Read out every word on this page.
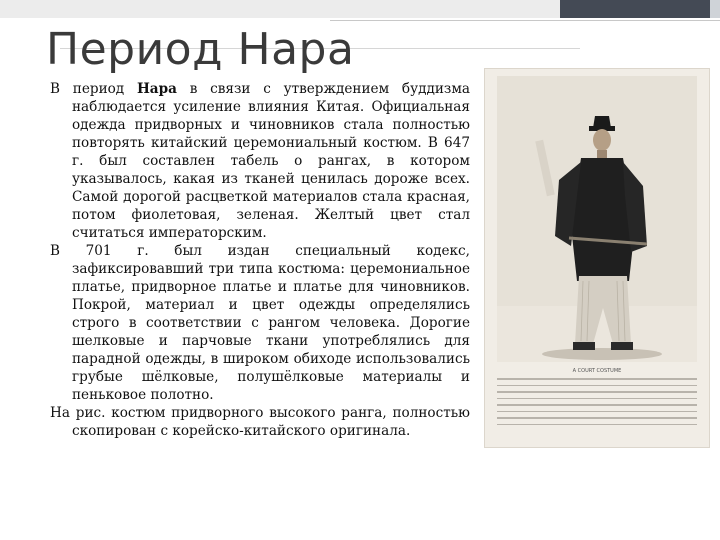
Период Нара

В период Нара в связи с утверждением буддизма наблюдается усиление влияния Китая. Официальная одежда придворных и чиновников стала полностью повторять китайский церемониальный костюм. В 647 г. был составлен табель о рангах, в котором указывалось, какая из тканей ценилась дороже всех. Самой дорогой расцветкой материалов стала красная, потом фиолетовая, зеленая. Желтый цвет стал считаться императорским.

В 701 г. был издан специальный кодекс, зафиксировавший три типа костюма: церемониальное платье, придворное платье и платье для чиновников. Покрой, материал и цвет одежды определялись строго в соответствии с рангом человека. Дорогие шелковые и парчовые ткани употреблялись для парадной одежды, в широком обиходе использовались грубые шёлковые, полушёлковые материалы и пеньковое полотно.

На рис. костюм придворного высокого ранга, полностью скопирован с корейско-китайского оригинала.

A COURT COSTUME
